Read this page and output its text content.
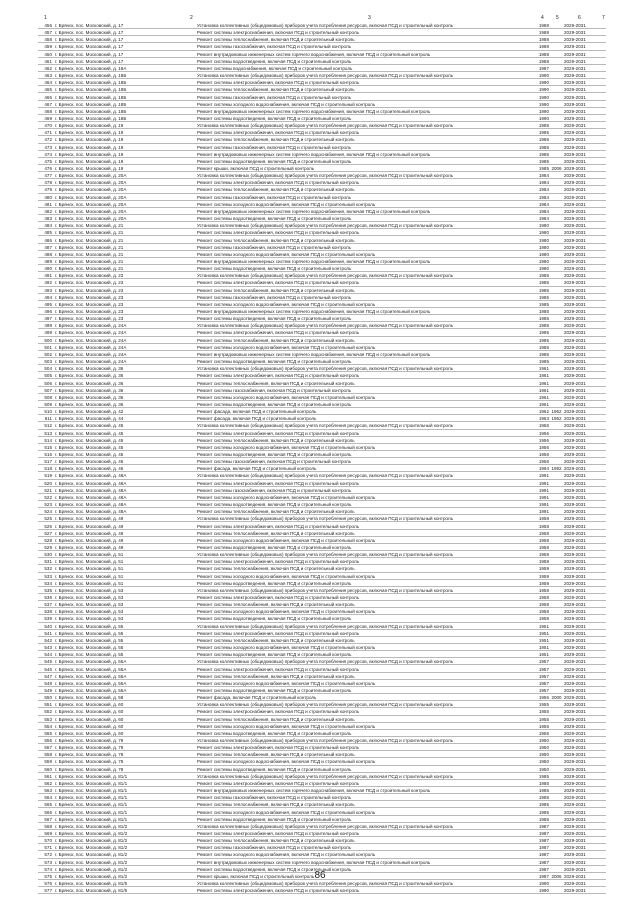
1	2	3	4 5	6	7
456 г. Брянск, пос. Московский, д. 17	Установка коллективных (общедомовых) приборов учета потребления ресурсов, включая ПСД и строительный контроль	1988	2029-2031
457 г. Брянск, пос. Московский, д. 17	Ремонт системы электроснабжения, включая ПСД и строительный контроль	1988	2029-2031
458 г. Брянск, пос. Московский, д. 17	Ремонт системы теплоснабжения, включая ПСД и строительный контроль	1988	2029-2031
459 г. Брянск, пос. Московский, д. 17	Ремонт системы газоснабжения, включая ПСД и строительный контроль	1988	2029-2031
460 г. Брянск, пос. Московский, д. 17	Ремонт внутридомовых инженерных систем горячего водоснабжения, включая ПСД и строительный контроль	1988	2029-2031
461 г. Брянск, пос. Московский, д. 17	Ремонт системы водоотведения, включая ПСД и строительный контроль	1988	2029-2031
462 г. Брянск, пос. Московский, д. 18А	Ремонт системы водоснабжения, включая ПСД и строительный контроль	1987	2029-2031
463 г. Брянск, пос. Московский, д. 18Б	Установка коллективных (общедомовых) приборов учета потребления ресурсов, включая ПСД и строительный контроль	1990	2029-2031
464 г. Брянск, пос. Московский, д. 18Б	Ремонт системы электроснабжения, включая ПСД и строительный контроль	1990	2029-2031
465 г. Брянск, пос. Московский, д. 18Б	Ремонт системы теплоснабжения, включая ПСД и строительный контроль	1990	2029-2031
466 г. Брянск, пос. Московский, д. 18Б	Ремонт системы газоснабжения, включая ПСД и строительный контроль	1990	2029-2031
467 г. Брянск, пос. Московский, д. 18Б	Ремонт системы холодного водоснабжения, включая ПСД и строительный контроль	1990	2029-2031
468 г. Брянск, пос. Московский, д. 18Б	Ремонт внутридомовых инженерных систем горячего водоснабжения, включая ПСД и строительный контроль	1990	2029-2031
469 г. Брянск, пос. Московский, д. 18Б	Ремонт системы водоотведения, включая ПСД и строительный контроль	1990	2029-2031
470 г. Брянск, пос. Московский, д. 19	Установка коллективных (общедомовых) приборов учета потребления ресурсов, включая ПСД и строительный контроль	1985	2029-2031
471 г. Брянск, пос. Московский, д. 19	Ремонт системы электроснабжения, включая ПСД и строительный контроль	1985	2029-2031
472 г. Брянск, пос. Московский, д. 19	Ремонт системы теплоснабжения, включая ПСД и строительный контроль	1985	2029-2031
473 г. Брянск, пос. Московский, д. 19	Ремонт системы газоснабжения, включая ПСД и строительный контроль	1985	2029-2031
474 г. Брянск, пос. Московский, д. 19	Ремонт внутридомовых инженерных систем горячего водоснабжения, включая ПСД и строительный контроль	1985	2029-2031
475 г. Брянск, пос. Московский, д. 19	Ремонт системы водоотведения, включая ПСД и строительный контроль	1985	2029-2031
476 г. Брянск, пос. Московский, д. 19	Ремонт крыши, включая ПСД и строительный контроль	1985 2006 2029-2031
477 г. Брянск, пос. Московский, д. 20А	Установка коллективных (общедомовых) приборов учета потребления ресурсов, включая ПСД и строительный контроль	1984	2029-2031
478 г. Брянск, пос. Московский, д. 20А	Ремонт системы электроснабжения, включая ПСД и строительный контроль	1984	2029-2031
479 г. Брянск, пос. Московский, д. 20А	Ремонт системы теплоснабжения, включая ПСД и строительный контроль	1984	2029-2031
480 г. Брянск, пос. Московский, д. 20А	Ремонт системы газоснабжения, включая ПСД и строительный контроль	1984	2029-2031
481 г. Брянск, пос. Московский, д. 20А	Ремонт системы холодного водоснабжения, включая ПСД и строительный контроль	1984	2029-2031
482 г. Брянск, пос. Московский, д. 20А	Ремонт внутридомовых инженерных систем горячего водоснабжения, включая ПСД и строительный контроль	1984	2029-2031
483 г. Брянск, пос. Московский, д. 20А	Ремонт системы водоотведения, включая ПСД и строительный контроль	1984	2029-2031
484 г. Брянск, пос. Московский, д. 21	Установка коллективных (общедомовых) приборов учета потребления ресурсов, включая ПСД и строительный контроль	1980	2029-2031
485 г. Брянск, пос. Московский, д. 21	Ремонт системы электроснабжения, включая ПСД и строительный контроль	1980	2029-2031
486 г. Брянск, пос. Московский, д. 21	Ремонт системы теплоснабжения, включая ПСД и строительный контроль	1980	2029-2031
487 г. Брянск, пос. Московский, д. 21	Ремонт системы газоснабжения, включая ПСД и строительный контроль	1980	2029-2031
488 г. Брянск, пос. Московский, д. 21	Ремонт системы холодного водоснабжения, включая ПСД и строительный контроль	1980	2029-2031
489 г. Брянск, пос. Московский, д. 21	Ремонт внутридомовых инженерных систем горячего водоснабжения, включая ПСД и строительный контроль	1980	2029-2031
490 г. Брянск, пос. Московский, д. 21	Ремонт системы водоотведения, включая ПСД и строительный контроль	1980	2029-2031
491 г. Брянск, пос. Московский, д. 23	Установка коллективных (общедомовых) приборов учета потребления ресурсов, включая ПСД и строительный контроль	1985	2029-2031
492 г. Брянск, пос. Московский, д. 23	Ремонт системы электроснабжения, включая ПСД и строительный контроль	1985	2029-2031
493 г. Брянск, пос. Московский, д. 23	Ремонт системы теплоснабжения, включая ПСД и строительный контроль	1985	2029-2031
494 г. Брянск, пос. Московский, д. 23	Ремонт системы газоснабжения, включая ПСД и строительный контроль	1985	2029-2031
495 г. Брянск, пос. Московский, д. 23	Ремонт системы холодного водоснабжения, включая ПСД и строительный контроль	1985	2029-2031
496 г. Брянск, пос. Московский, д. 23	Ремонт внутридомовых инженерных систем горячего водоснабжения, включая ПСД и строительный контроль	1985	2029-2031
497 г. Брянск, пос. Московский, д. 23	Ремонт системы водоотведения, включая ПСД и строительный контроль	1985	2029-2031
498 г. Брянск, пос. Московский, д. 24А	Установка коллективных (общедомовых) приборов учета потребления ресурсов, включая ПСД и строительный контроль	1985	2029-2031
499 г. Брянск, пос. Московский, д. 24А	Ремонт системы электроснабжения, включая ПСД и строительный контроль	1985	2029-2031
500 г. Брянск, пос. Московский, д. 24А	Ремонт системы теплоснабжения, включая ПСД и строительный контроль	1985	2029-2031
501 г. Брянск, пос. Московский, д. 24А	Ремонт системы холодного водоснабжения, включая ПСД и строительный контроль	1985	2029-2031
502 г. Брянск, пос. Московский, д. 24А	Ремонт внутридомовых инженерных систем горячего водоснабжения, включая ПСД и строительный контроль	1985	2029-2031
503 г. Брянск, пос. Московский, д. 24А	Ремонт системы водоотведения, включая ПСД и строительный контроль	1985	2029-2031
504 г. Брянск, пос. Московский, д. 36	Установка коллективных (общедомовых) приборов учета потребления ресурсов, включая ПСД и строительный контроль	1961	2029-2031
505 г. Брянск, пос. Московский, д. 36	Ремонт системы электроснабжения, включая ПСД и строительный контроль	1961	2029-2031
506 г. Брянск, пос. Московский, д. 36	Ремонт системы теплоснабжения, включая ПСД и строительный контроль	1961	2029-2031
507 г. Брянск, пос. Московский, д. 36	Ремонт системы газоснабжения, включая ПСД и строительный контроль	1961	2029-2031
508 г. Брянск, пос. Московский, д. 36	Ремонт системы холодного водоснабжения, включая ПСД и строительный контроль	1961	2029-2031
509 г. Брянск, пос. Московский, д. 36	Ремонт системы водоотведения, включая ПСД и строительный контроль	1961	2029-2031
510 г. Брянск, пос. Московский, д. 42	Ремонт фасада, включая ПСД и строительный контроль	1962 1962 2029-2031
511 г. Брянск, пос. Московский, д. 44	Ремонт фасада, включая ПСД и строительный контроль	1963 1962 2029-2031
512 г. Брянск, пос. Московский, д. 45	Установка коллективных (общедомовых) приборов учета потребления ресурсов, включая ПСД и строительный контроль	1956	2029-2031
513 г. Брянск, пос. Московский, д. 45	Ремонт системы электроснабжения, включая ПСД и строительный контроль	1956	2029-2031
514 г. Брянск, пос. Московский, д. 45	Ремонт системы теплоснабжения, включая ПСД и строительный контроль	1956	2029-2031
515 г. Брянск, пос. Московский, д. 45	Ремонт системы холодного водоснабжения, включая ПСД и строительный контроль	1956	2029-2031
516 г. Брянск, пос. Московский, д. 45	Ремонт системы водоотведения, включая ПСД и строительный контроль	1956	2029-2031
517 г. Брянск, пос. Московский, д. 45	Ремонт системы газоснабжения, включая ПСД и строительный контроль	1956	2029-2031
518 г. Брянск, пос. Московский, д. 46	Ремонт фасада, включая ПСД и строительный контроль	1994 1992 2029-2031
519 г. Брянск, пос. Московский, д. 48А	Установка коллективных (общедомовых) приборов учета потребления ресурсов, включая ПСД и строительный контроль	1991	2029-2031
520 г. Брянск, пос. Московский, д. 48А	Ремонт системы электроснабжения, включая ПСД и строительный контроль	1991	2029-2031
521 г. Брянск, пос. Московский, д. 48А	Ремонт системы газоснабжения, включая ПСД и строительный контроль	1991	2029-2031
522 г. Брянск, пос. Московский, д. 48А	Ремонт системы холодного водоснабжения, включая ПСД и строительный контроль	1991	2029-2031
523 г. Брянск, пос. Московский, д. 48А	Ремонт системы водоотведения, включая ПСД и строительный контроль	1991	2029-2031
524 г. Брянск, пос. Московский, д. 48А	Ремонт системы теплоснабжения, включая ПСД и строительный контроль	1991	2029-2031
525 г. Брянск, пос. Московский, д. 49	Установка коллективных (общедомовых) приборов учета потребления ресурсов, включая ПСД и строительный контроль	1958	2029-2031
526 г. Брянск, пос. Московский, д. 49	Ремонт системы электроснабжения, включая ПСД и строительный контроль	1958	2029-2031
527 г. Брянск, пос. Московский, д. 49	Ремонт системы теплоснабжения, включая ПСД и строительный контроль	1958	2029-2031
528 г. Брянск, пос. Московский, д. 49	Ремонт системы холодного водоснабжения, включая ПСД и строительный контроль	1958	2029-2031
529 г. Брянск, пос. Московский, д. 49	Ремонт системы водоотведения, включая ПСД и строительный контроль	1958	2029-2031
530 г. Брянск, пос. Московский, д. 51	Установка коллективных (общедомовых) приборов учета потребления ресурсов, включая ПСД и строительный контроль	1959	2029-2031
531 г. Брянск, пос. Московский, д. 51	Ремонт системы электроснабжения, включая ПСД и строительный контроль	1959	2029-2031
532 г. Брянск, пос. Московский, д. 51	Ремонт системы теплоснабжения, включая ПСД и строительный контроль	1959	2029-2031
533 г. Брянск, пос. Московский, д. 51	Ремонт системы холодного водоснабжения, включая ПСД и строительный контроль	1959	2029-2031
534 г. Брянск, пос. Московский, д. 51	Ремонт системы водоотведения, включая ПСД и строительный контроль	1959	2029-2031
535 г. Брянск, пос. Московский, д. 53	Установка коллективных (общедомовых) приборов учета потребления ресурсов, включая ПСД и строительный контроль	1958	2029-2031
536 г. Брянск, пос. Московский, д. 53	Ремонт системы электроснабжения, включая ПСД и строительный контроль	1958	2029-2031
537 г. Брянск, пос. Московский, д. 53	Ремонт системы теплоснабжения, включая ПСД и строительный контроль	1958	2029-2031
538 г. Брянск, пос. Московский, д. 53	Ремонт системы холодного водоснабжения, включая ПСД и строительный контроль	1958	2029-2031
539 г. Брянск, пос. Московский, д. 53	Ремонт системы водоотведения, включая ПСД и строительный контроль	1958	2029-2031
540 г. Брянск, пос. Московский, д. 55	Установка коллективных (общедомовых) приборов учета потребления ресурсов, включая ПСД и строительный контроль	1951	2029-2031
541 г. Брянск, пос. Московский, д. 55	Ремонт системы электроснабжения, включая ПСД и строительный контроль	1951	2029-2031
542 г. Брянск, пос. Московский, д. 55	Ремонт системы теплоснабжения, включая ПСД и строительный контроль	1951	2029-2031
543 г. Брянск, пос. Московский, д. 55	Ремонт системы холодного водоснабжения, включая ПСД и строительный контроль	1951	2029-2031
544 г. Брянск, пос. Московский, д. 55	Ремонт системы водоотведения, включая ПСД и строительный контроль	1951	2029-2031
545 г. Брянск, пос. Московский, д. 55А	Установка коллективных (общедомовых) приборов учета потребления ресурсов, включая ПСД и строительный контроль	1957	2029-2031
546 г. Брянск, пос. Московский, д. 55А	Ремонт системы электроснабжения, включая ПСД и строительный контроль	1957	2029-2031
547 г. Брянск, пос. Московский, д. 55А	Ремонт системы теплоснабжения, включая ПСД и строительный контроль	1957	2029-2031
548 г. Брянск, пос. Московский, д. 55А	Ремонт системы холодного водоснабжения, включая ПСД и строительный контроль	1957	2029-2031
549 г. Брянск, пос. Московский, д. 55А	Ремонт системы водоотведения, включая ПСД и строительный контроль	1957	2029-2031
550 г. Брянск, пос. Московский, д. 58	Ремонт фасада, включая ПСД и строительный контроль	1955 2000 2029-2031
551 г. Брянск, пос. Московский, д. 60	Установка коллективных (общедомовых) приборов учета потребления ресурсов, включая ПСД и строительный контроль	1955	2029-2031
552 г. Брянск, пос. Московский, д. 60	Ремонт системы электроснабжения, включая ПСД и строительный контроль	1955	2029-2031
553 г. Брянск, пос. Московский, д. 60	Ремонт системы теплоснабжения, включая ПСД и строительный контроль	1955	2029-2031
554 г. Брянск, пос. Московский, д. 60	Ремонт системы холодного водоснабжения, включая ПСД и строительный контроль	1955	2029-2031
555 г. Брянск, пос. Московский, д. 60	Ремонт системы водоотведения, включая ПСД и строительный контроль	1955	2029-2031
556 г. Брянск, пос. Московский, д. 78	Установка коллективных (общедомовых) приборов учета потребления ресурсов, включая ПСД и строительный контроль	1950	2029-2031
557 г. Брянск, пос. Московский, д. 78	Ремонт системы электроснабжения, включая ПСД и строительный контроль	1950	2029-2031
558 г. Брянск, пос. Московский, д. 78	Ремонт системы теплоснабжения, включая ПСД и строительный контроль	1950	2029-2031
559 г. Брянск, пос. Московский, д. 78	Ремонт системы холодного водоснабжения, включая ПСД и строительный контроль	1950	2029-2031
560 г. Брянск, пос. Московский, д. 78	Ремонт системы водоотведения, включая ПСД и строительный контроль	1950	2029-2031
561 г. Брянск, пос. Московский, д. 81/1	Установка коллективных (общедомовых) приборов учета потребления ресурсов, включая ПСД и строительный контроль	1985	2029-2031
562 г. Брянск, пос. Московский, д. 81/1	Ремонт системы электроснабжения, включая ПСД и строительный контроль	1985	2029-2031
563 г. Брянск, пос. Московский, д. 81/1	Ремонт внутридомовых инженерных систем горячего водоснабжения, включая ПСД и строительный контроль	1985	2029-2031
564 г. Брянск, пос. Московский, д. 81/1	Ремонт системы газоснабжения, включая ПСД и строительный контроль	1985	2029-2031
565 г. Брянск, пос. Московский, д. 81/1	Ремонт системы теплоснабжения, включая ПСД и строительный контроль	1985	2029-2031
566 г. Брянск, пос. Московский, д. 81/1	Ремонт системы холодного водоснабжения, включая ПСД и строительный контроль	1985	2029-2031
567 г. Брянск, пос. Московский, д. 81/1	Ремонт системы водоотведения, включая ПСД и строительный контроль	1985	2029-2031
568 г. Брянск, пос. Московский, д. 81/2	Установка коллективных (общедомовых) приборов учета потребления ресурсов, включая ПСД и строительный контроль	1987	2029-2031
569 г. Брянск, пос. Московский, д. 81/2	Ремонт системы электроснабжения, включая ПСД и строительный контроль	1987	2029-2031
570 г. Брянск, пос. Московский, д. 81/2	Ремонт системы теплоснабжения, включая ПСД и строительный контроль	1987	2029-2031
571 г. Брянск, пос. Московский, д. 81/2	Ремонт системы газоснабжения, включая ПСД и строительный контроль	1987	2029-2031
572 г. Брянск, пос. Московский, д. 81/2	Ремонт системы холодного водоснабжения, включая ПСД и строительный контроль	1987	2029-2031
573 г. Брянск, пос. Московский, д. 81/2	Ремонт внутридомовых инженерных систем горячего водоснабжения, включая ПСД и строительный контроль	1987	2029-2031
574 г. Брянск, пос. Московский, д. 81/2	Ремонт системы водоотведения, включая ПСД и строительный контроль	1987	2029-2031
575 г. Брянск, пос. Московский, д. 81/2	Ремонт крыши, включая ПСД и строительный контроль	1987 2006 2029-2031
576 г. Брянск, пос. Московский, д. 81/5	Установка коллективных (общедомовых) приборов учета потребления ресурсов, включая ПСД и строительный контроль	1990	2029-2031
577 г. Брянск, пос. Московский, д. 81/5	Ремонт системы электроснабжения, включая ПСД и строительный контроль	1990	2029-2031
86
